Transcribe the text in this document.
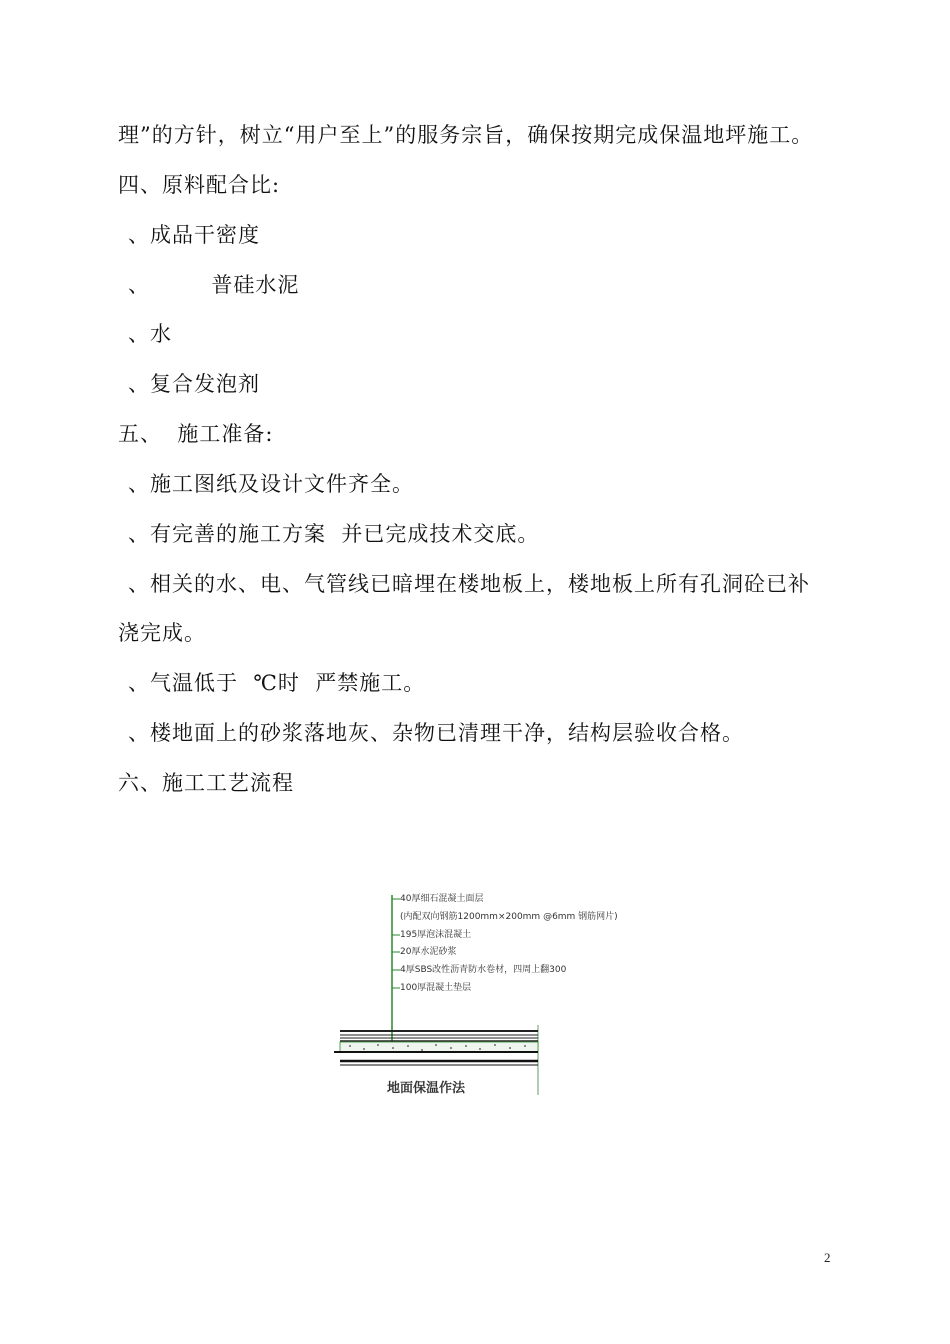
理”的方针，树立“用户至上”的服务宗旨，确保按期完成保温地坪施工。
四、原料配合比:
、成品干密度
、        普硅水泥
、水
、复合发泡剂
五、  施工准备:
、施工图纸及设计文件齐全。
、有完善的施工方案  并已完成技术交底。
、相关的水、电、气管线已暗埋在楼地板上，楼地板上所有孔洞砼已补
浇完成。
、气温低于  ℃时  严禁施工。
、楼地面上的砂浆落地灰、杂物已清理干净，结构层验收合格。
六、施工工艺流程
40厚细石混凝土面层
(内配双向钢筋1200mm×200mm @6mm 钢筋网片)
195厚泡沫混凝土
20厚水泥砂浆
4厚SBS改性沥青防水卷材，四周上翻300
100厚混凝土垫层
地面保温作法
2
